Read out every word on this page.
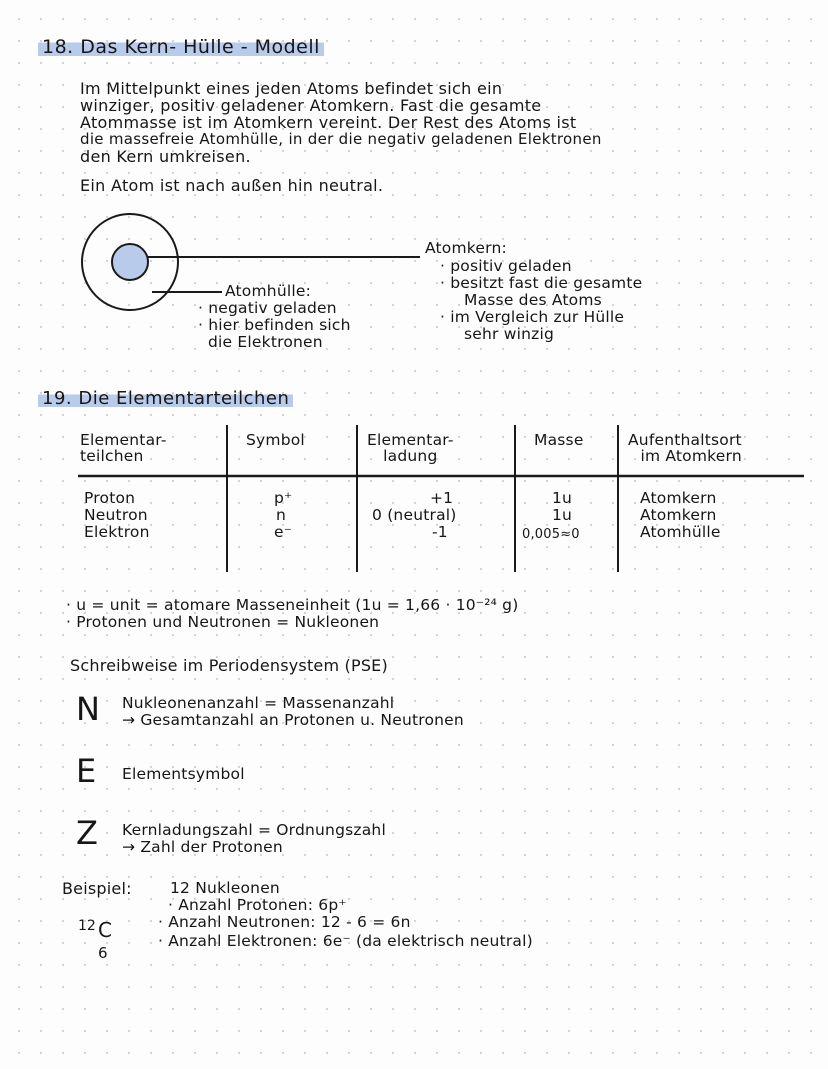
18. Das Kern- Hülle - Modell
Im Mittelpunkt eines jeden Atoms befindet sich ein
winziger, positiv geladener Atomkern. Fast die gesamte
Atommasse ist im Atomkern vereint. Der Rest des Atoms ist
die massefreie Atomhülle, in der die negativ geladenen Elektronen
den Kern umkreisen.
Ein Atom ist nach außen hin neutral.
Atomkern:
· positiv geladen
· besitzt fast die gesamte
Masse des Atoms
· im Vergleich zur Hülle
sehr winzig
Atomhülle:
· negativ geladen
· hier befinden sich
die Elektronen
19. Die Elementarteilchen
Elementar-
teilchen
Symbol	Elementar-
ladung
Masse	Aufenthaltsort
im Atomkern
Proton
Neutron
Elektron
p⁺
n
e⁻
+1
0 (neutral)
-1
1u
1u
0,005≈0
Atomkern
Atomkern
Atomhülle
· u = unit = atomare Masseneinheit (1u = 1,66 · 10⁻²⁴ g)
· Protonen und Neutronen = Nukleonen
Schreibweise im Periodensystem (PSE)
N Nukleonenanzahl = Massenanzahl
→ Gesamtanzahl an Protonen u. Neutronen
E Elementsymbol
Z Kernladungszahl = Ordnungszahl
→ Zahl der Protonen
Beispiel: 12 Nukleonen
· Anzahl Protonen: 6p⁺
· Anzahl Neutronen: 12 - 6 = 6n
· Anzahl Elektronen: 6e⁻ (da elektrisch neutral)
12 C
6
